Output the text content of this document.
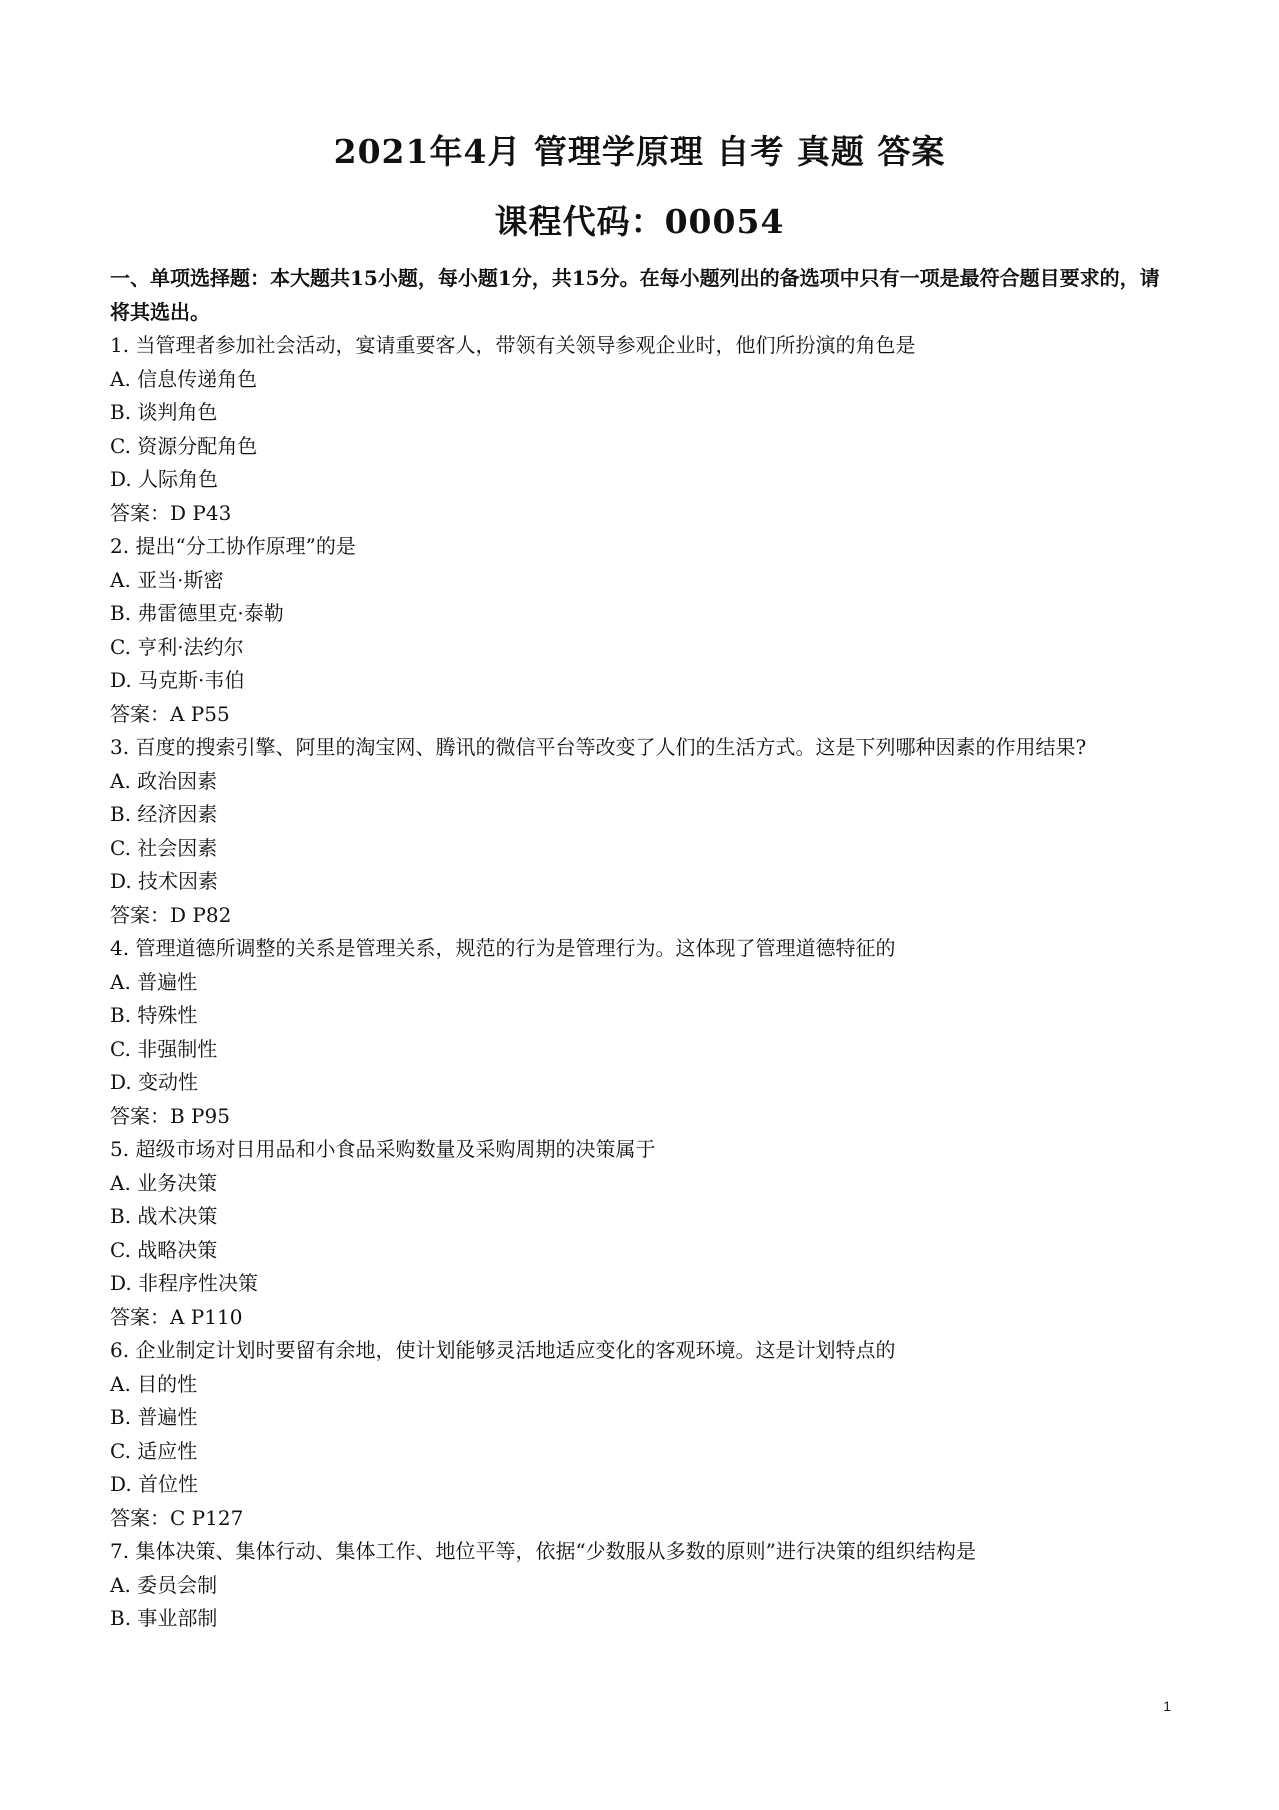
2021年4月 管理学原理 自考 真题 答案
课程代码：00054
一、单项选择题：本大题共15小题，每小题1分，共15分。在每小题列出的备选项中只有一项是最符合题目要求的，请将其选出。
1. 当管理者参加社会活动，宴请重要客人，带领有关领导参观企业时，他们所扮演的角色是
A. 信息传递角色
B. 谈判角色
C. 资源分配角色
D. 人际角色
答案：D P43
2. 提出“分工协作原理”的是
A. 亚当·斯密
B. 弗雷德里克·泰勒
C. 亨利·法约尔
D. 马克斯·韦伯
答案：A P55
3. 百度的搜索引擎、阿里的淘宝网、腾讯的微信平台等改变了人们的生活方式。这是下列哪种因素的作用结果?
A. 政治因素
B. 经济因素
C. 社会因素
D. 技术因素
答案：D P82
4. 管理道德所调整的关系是管理关系，规范的行为是管理行为。这体现了管理道德特征的
A. 普遍性
B. 特殊性
C. 非强制性
D. 变动性
答案：B P95
5. 超级市场对日用品和小食品采购数量及采购周期的决策属于
A. 业务决策
B. 战术决策
C. 战略决策
D. 非程序性决策
答案：A P110
6. 企业制定计划时要留有余地，使计划能够灵活地适应变化的客观环境。这是计划特点的
A. 目的性
B. 普遍性
C. 适应性
D. 首位性
答案：C P127
7. 集体决策、集体行动、集体工作、地位平等，依据“少数服从多数的原则”进行决策的组织结构是
A. 委员会制
B. 事业部制
1
